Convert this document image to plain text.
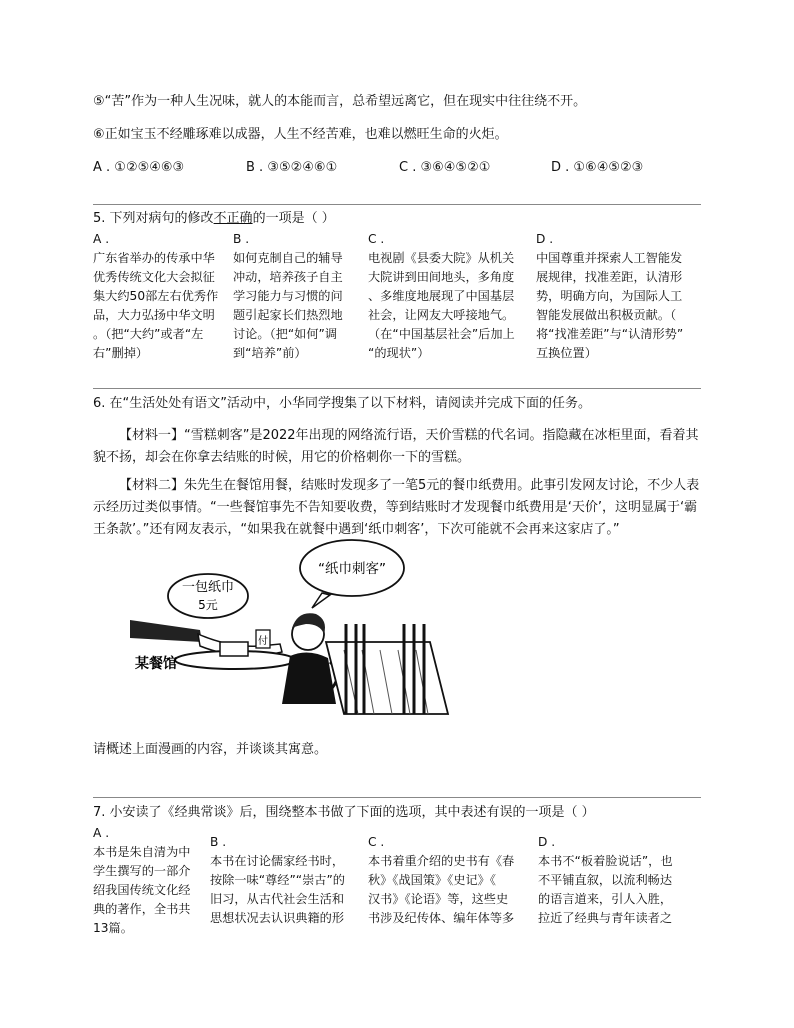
⑤“苦”作为一种人生况味，就人的本能而言，总希望远离它，但在现实中往往绕不开。
⑥正如宝玉不经雕琢难以成器，人生不经苦难，也难以燃旺生命的火炬。
A . ①②⑤④⑥③	B . ③⑤②④⑥①	C . ③⑥④⑤②①	D . ①⑥④⑤②③
5. 下列对病句的修改不正确的一项是（ ）
A .
广东省举办的传承中华
优秀传统文化大会拟征
集大约50部左右优秀作
品，大力弘扬中华文明
。（把“大约”或者“左
右”删掉）
B .
如何克制自己的辅导
冲动，培养孩子自主
学习能力与习惯的问
题引起家长们热烈地
讨论。（把“如何”调
到“培养”前）
C .
电视剧《县委大院》从机关
大院讲到田间地头，多角度
、多维度地展现了中国基层
社会，让网友大呼接地气。
（在“中国基层社会”后加上
“的现状”）
D .
中国尊重并探索人工智能发
展规律，找准差距，认清形
势，明确方向，为国际人工
智能发展做出积极贡献。（
将“找准差距”与“认清形势”
互换位置）
6. 在“生活处处有语文”活动中，小华同学搜集了以下材料，请阅读并完成下面的任务。
【材料一】“雪糕刺客”是2022年出现的网络流行语，天价雪糕的代名词。指隐藏在冰柜里面，看着其貌不扬，却会在你拿去结账的时候，用它的价格刺你一下的雪糕。
【材料二】朱先生在餐馆用餐，结账时发现多了一笔5元的餐巾纸费用。此事引发网友讨论，不少人表示经历过类似事情。“一些餐馆事先不告知要收费，等到结账时才发现餐巾纸费用是‘天价’，这明显属于‘霸王条款’。”还有网友表示，“如果我在就餐中遇到‘纸巾刺客’，下次可能就不会再来这家店了。”
一包纸巾
5元
“纸巾刺客”
某餐馆
付
请概述上面漫画的内容，并谈谈其寓意。
7. 小安读了《经典常谈》后，围绕整本书做了下面的选项，其中表述有误的一项是（ ）
A .
本书是朱自清为中
学生撰写的一部介
绍我国传统文化经
典的著作，全书共
13篇。
B .
本书在讨论儒家经书时，
按除一味“尊经”“崇古”的
旧习，从古代社会生活和
思想状况去认识典籍的形
C .
本书着重介绍的史书有《春
秋》《战国策》《史记》《
汉书》《论语》等，这些史
书涉及纪传体、编年体等多
D .
本书不“板着脸说话”，也
不平铺直叙，以流利畅达
的语言道来，引人入胜，
拉近了经典与青年读者之
